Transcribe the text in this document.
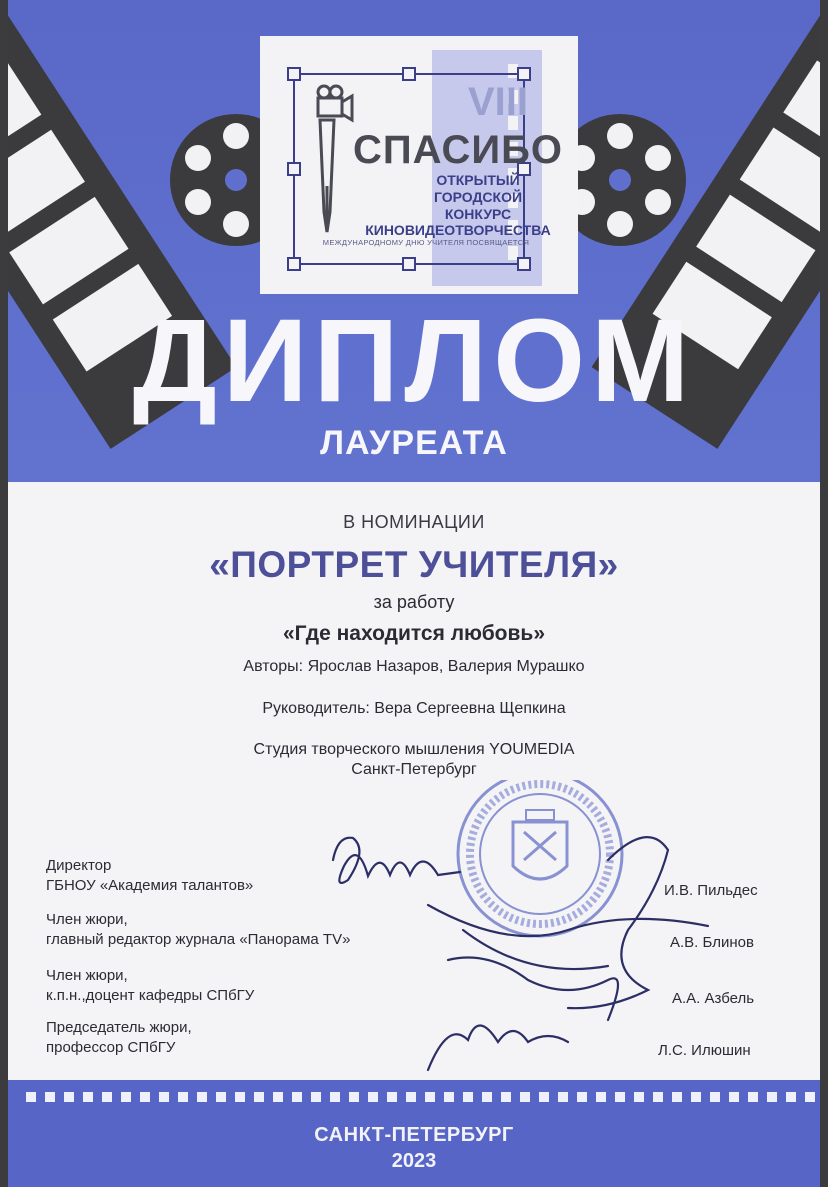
VIII
СПАСИБО
ОТКРЫТЫЙ
ГОРОДСКОЙ
КОНКУРС
КИНОВИДЕОТВОРЧЕСТВА
МЕЖДУНАРОДНОМУ ДНЮ УЧИТЕЛЯ ПОСВЯЩАЕТСЯ
ДИПЛОМ
ЛАУРЕАТА
В НОМИНАЦИИ
«ПОРТРЕТ УЧИТЕЛЯ»
за работу
«Где находится любовь»
Авторы: Ярослав Назаров, Валерия Мурашко
Руководитель: Вера Сергеевна Щепкина
Студия творческого мышления YOUMEDIA
Санкт-Петербург
Директор
ГБНОУ «Академия талантов»	И.В. Пильдес
Член жюри,
главный редактор журнала «Панорама TV»	А.В. Блинов
Член жюри,
к.п.н.,доцент кафедры СПбГУ	А.А. Азбель
Председатель жюри,
профессор СПбГУ	Л.С. Илюшин
САНКТ-ПЕТЕРБУРГ
2023
